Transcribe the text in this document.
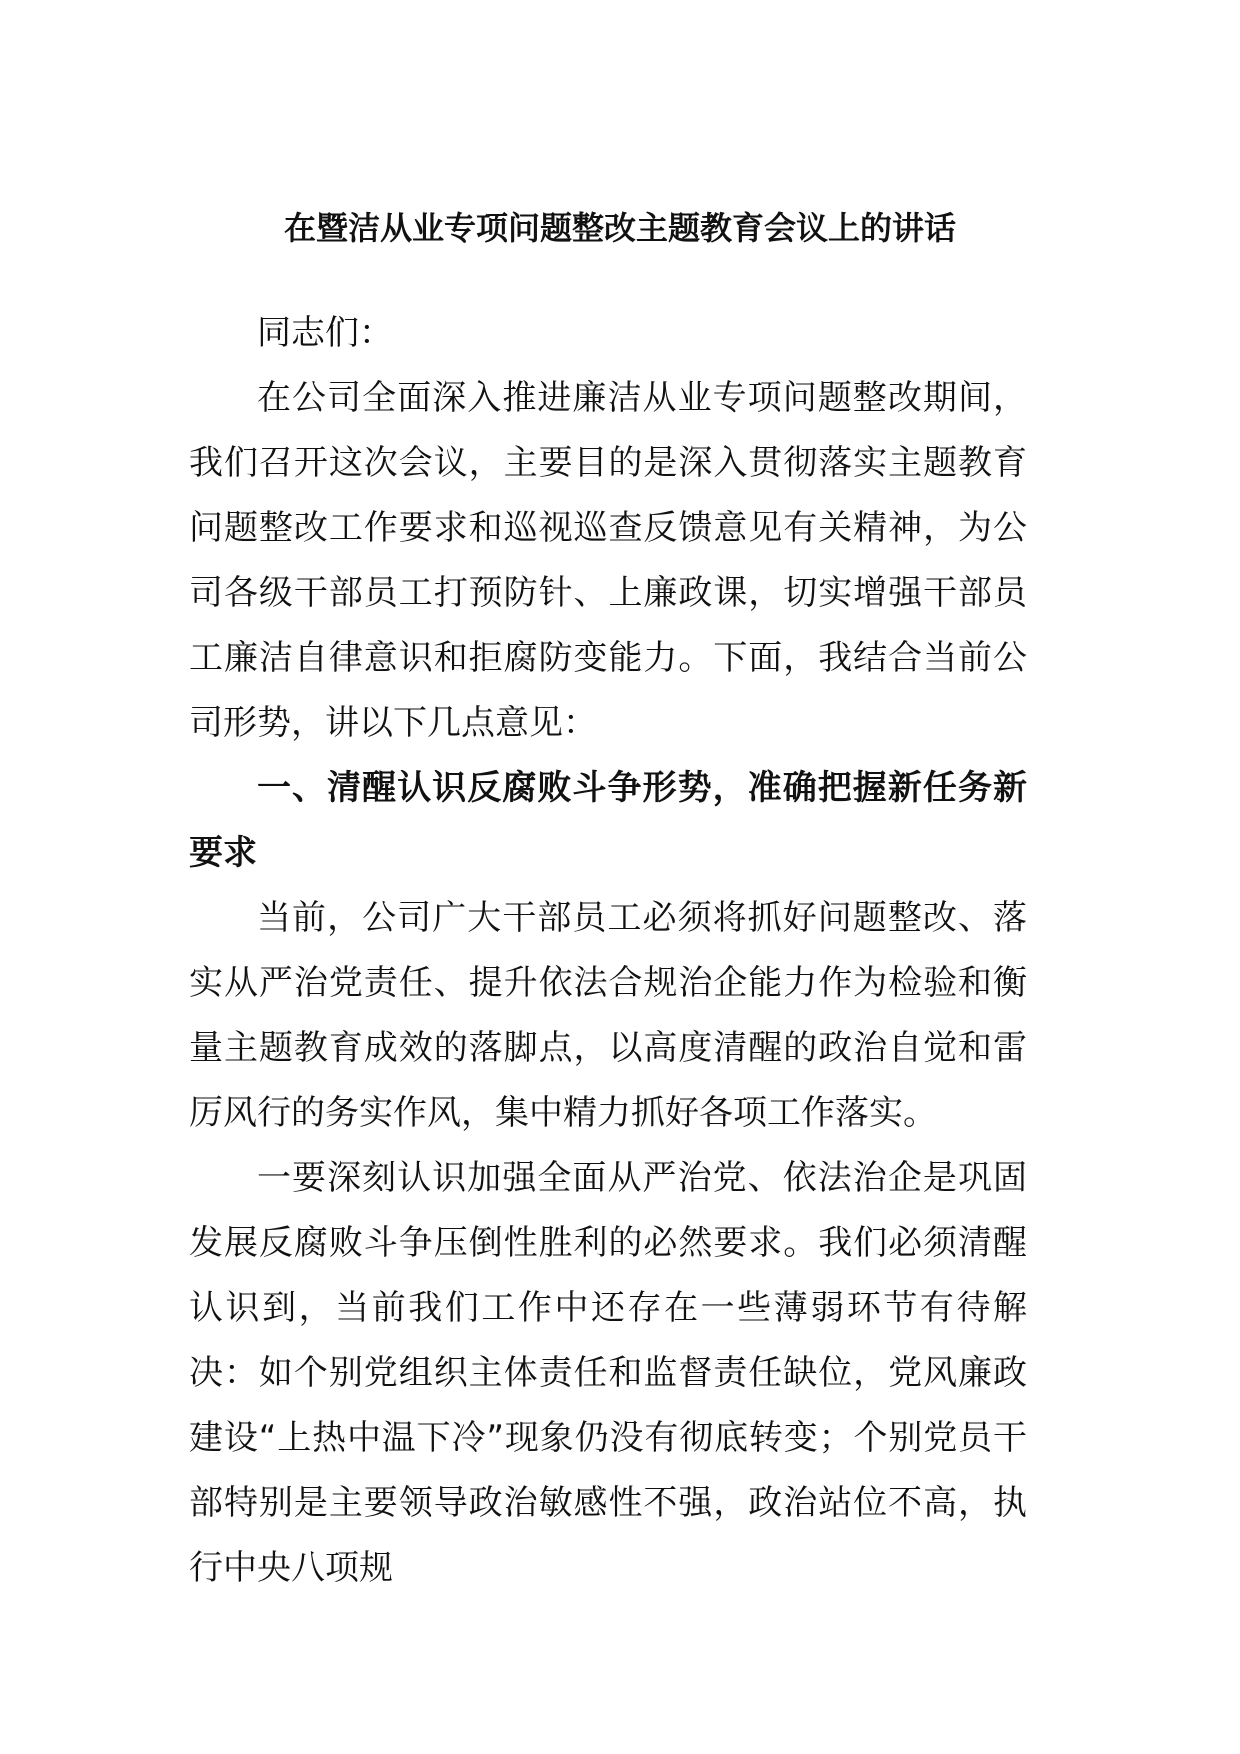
在暨洁从业专项问题整改主题教育会议上的讲话

同志们：

在公司全面深入推进廉洁从业专项问题整改期间，我们召开这次会议，主要目的是深入贯彻落实主题教育问题整改工作要求和巡视巡查反馈意见有关精神，为公司各级干部员工打预防针、上廉政课，切实增强干部员工廉洁自律意识和拒腐防变能力。下面，我结合当前公司形势，讲以下几点意见：

一、清醒认识反腐败斗争形势，准确把握新任务新要求

当前，公司广大干部员工必须将抓好问题整改、落实从严治党责任、提升依法合规治企能力作为检验和衡量主题教育成效的落脚点，以高度清醒的政治自觉和雷厉风行的务实作风，集中精力抓好各项工作落实。

一要深刻认识加强全面从严治党、依法治企是巩固发展反腐败斗争压倒性胜利的必然要求。我们必须清醒认识到，当前我们工作中还存在一些薄弱环节有待解决：如个别党组织主体责任和监督责任缺位，党风廉政建设“上热中温下冷”现象仍没有彻底转变；个别党员干部特别是主要领导政治敏感性不强，政治站位不高，执行中央八项规
